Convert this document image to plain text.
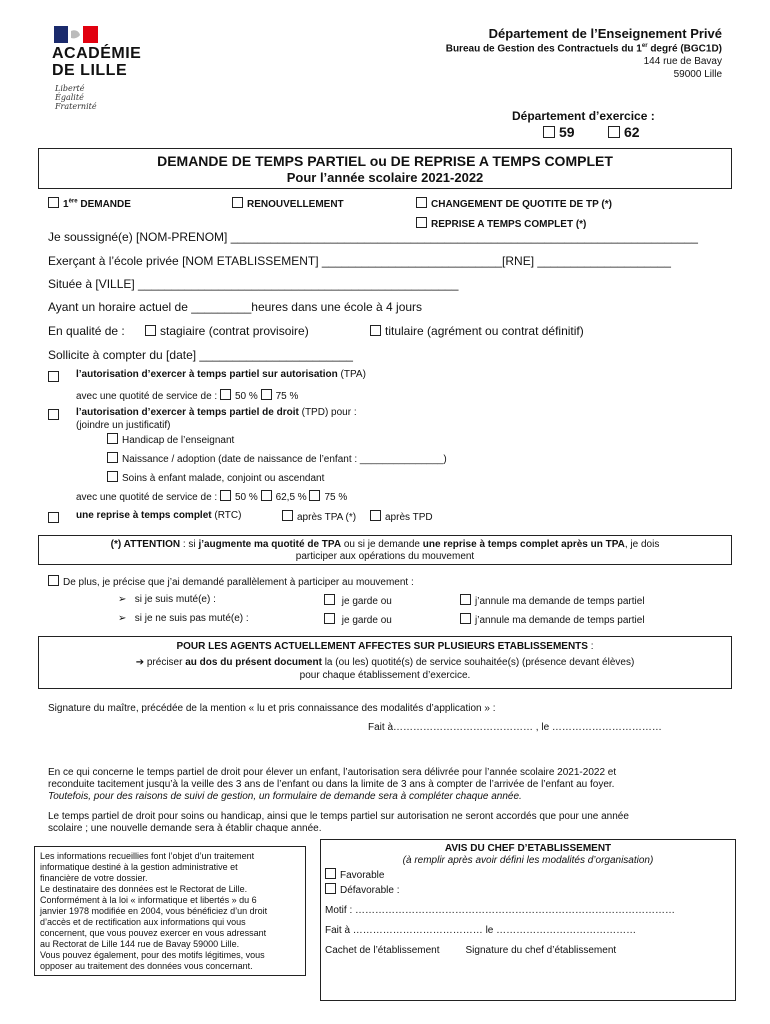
ACADÉMIE
DE LILLE
Liberté
Égalité
Fraternité
Département de l’Enseignement Privé
Bureau de Gestion des Contractuels du 1er degré (BGC1D)
144 rue de Bavay
59000 Lille
Département d’exercice :
59	62
DEMANDE DE TEMPS PARTIEL ou DE REPRISE A TEMPS COMPLET
Pour l’année scolaire 2021-2022
1ère DEMANDE	RENOUVELLEMENT	CHANGEMENT DE QUOTITE DE TP (*)
REPRISE A TEMPS COMPLET (*)
Je soussigné(e) [NOM-PRENOM] ______________________________________________________________________
Exerçant à l’école privée [NOM ETABLISSEMENT] ___________________________[RNE] ____________________
Située à [VILLE] ________________________________________________
Ayant un horaire actuel de _________heures dans une école à 4 jours
En qualité de :	stagiaire (contrat provisoire)	titulaire (agrément ou contrat définitif)
Sollicite à compter du [date] _______________________
l’autorisation d’exercer à temps partiel sur autorisation (TPA)
avec une quotité de service de : 50 % 75 %
l’autorisation d’exercer à temps partiel de droit (TPD) pour :
(joindre un justificatif)
Handicap de l’enseignant
Naissance / adoption (date de naissance de l’enfant : _______________)
Soins à enfant malade, conjoint ou ascendant
avec une quotité de service de : 50 % 62,5 % 75 %
une reprise à temps complet (RTC)	après TPA (*)	après TPD
(*) ATTENTION : si j’augmente ma quotité de TPA ou si je demande une reprise à temps complet après un TPA, je dois
participer aux opérations du mouvement
De plus, je précise que j’ai demandé parallèlement à participer au mouvement :
➢ si je suis muté(e) :	je garde ou	j’annule ma demande de temps partiel
➢ si je ne suis pas muté(e) :	je garde ou	j’annule ma demande de temps partiel
POUR LES AGENTS ACTUELLEMENT AFFECTES SUR PLUSIEURS ETABLISSEMENTS :
➔ préciser au dos du présent document la (ou les) quotité(s) de service souhaitée(s) (présence devant élèves)
pour chaque établissement d’exercice.
Signature du maître, précédée de la mention « lu et pris connaissance des modalités d’application » :
Fait à…………………………………… , le ……………………………
En ce qui concerne le temps partiel de droit pour élever un enfant, l’autorisation sera délivrée pour l’année scolaire 2021-2022 et
reconduite tacitement jusqu’à la veille des 3 ans de l’enfant ou dans la limite de 3 ans à compter de l’arrivée de l’enfant au foyer.
Toutefois, pour des raisons de suivi de gestion, un formulaire de demande sera à compléter chaque année.
Le temps partiel de droit pour soins ou handicap, ainsi que le temps partiel sur autorisation ne seront accordés que pour une année
scolaire ; une nouvelle demande sera à établir chaque année.
Les informations recueillies font l’objet d’un traitement
informatique destiné à la gestion administrative et
financière de votre dossier.
Le destinataire des données est le Rectorat de Lille.
Conformément à la loi « informatique et libertés » du 6
janvier 1978 modifiée en 2004, vous bénéficiez d’un droit
d’accès et de rectification aux informations qui vous
concernent, que vous pouvez exercer en vous adressant
au Rectorat de Lille 144 rue de Bavay 59000 Lille.
Vous pouvez également, pour des motifs légitimes, vous
opposer au traitement des données vous concernant.
AVIS DU CHEF D’ETABLISSEMENT
(à remplir après avoir défini les modalités d’organisation)
Favorable
Défavorable :
Motif : ……………………………………………………………………………………
Fait à ………………………………… le ……………………………………
Cachet de l’établissement	Signature du chef d’établissement
